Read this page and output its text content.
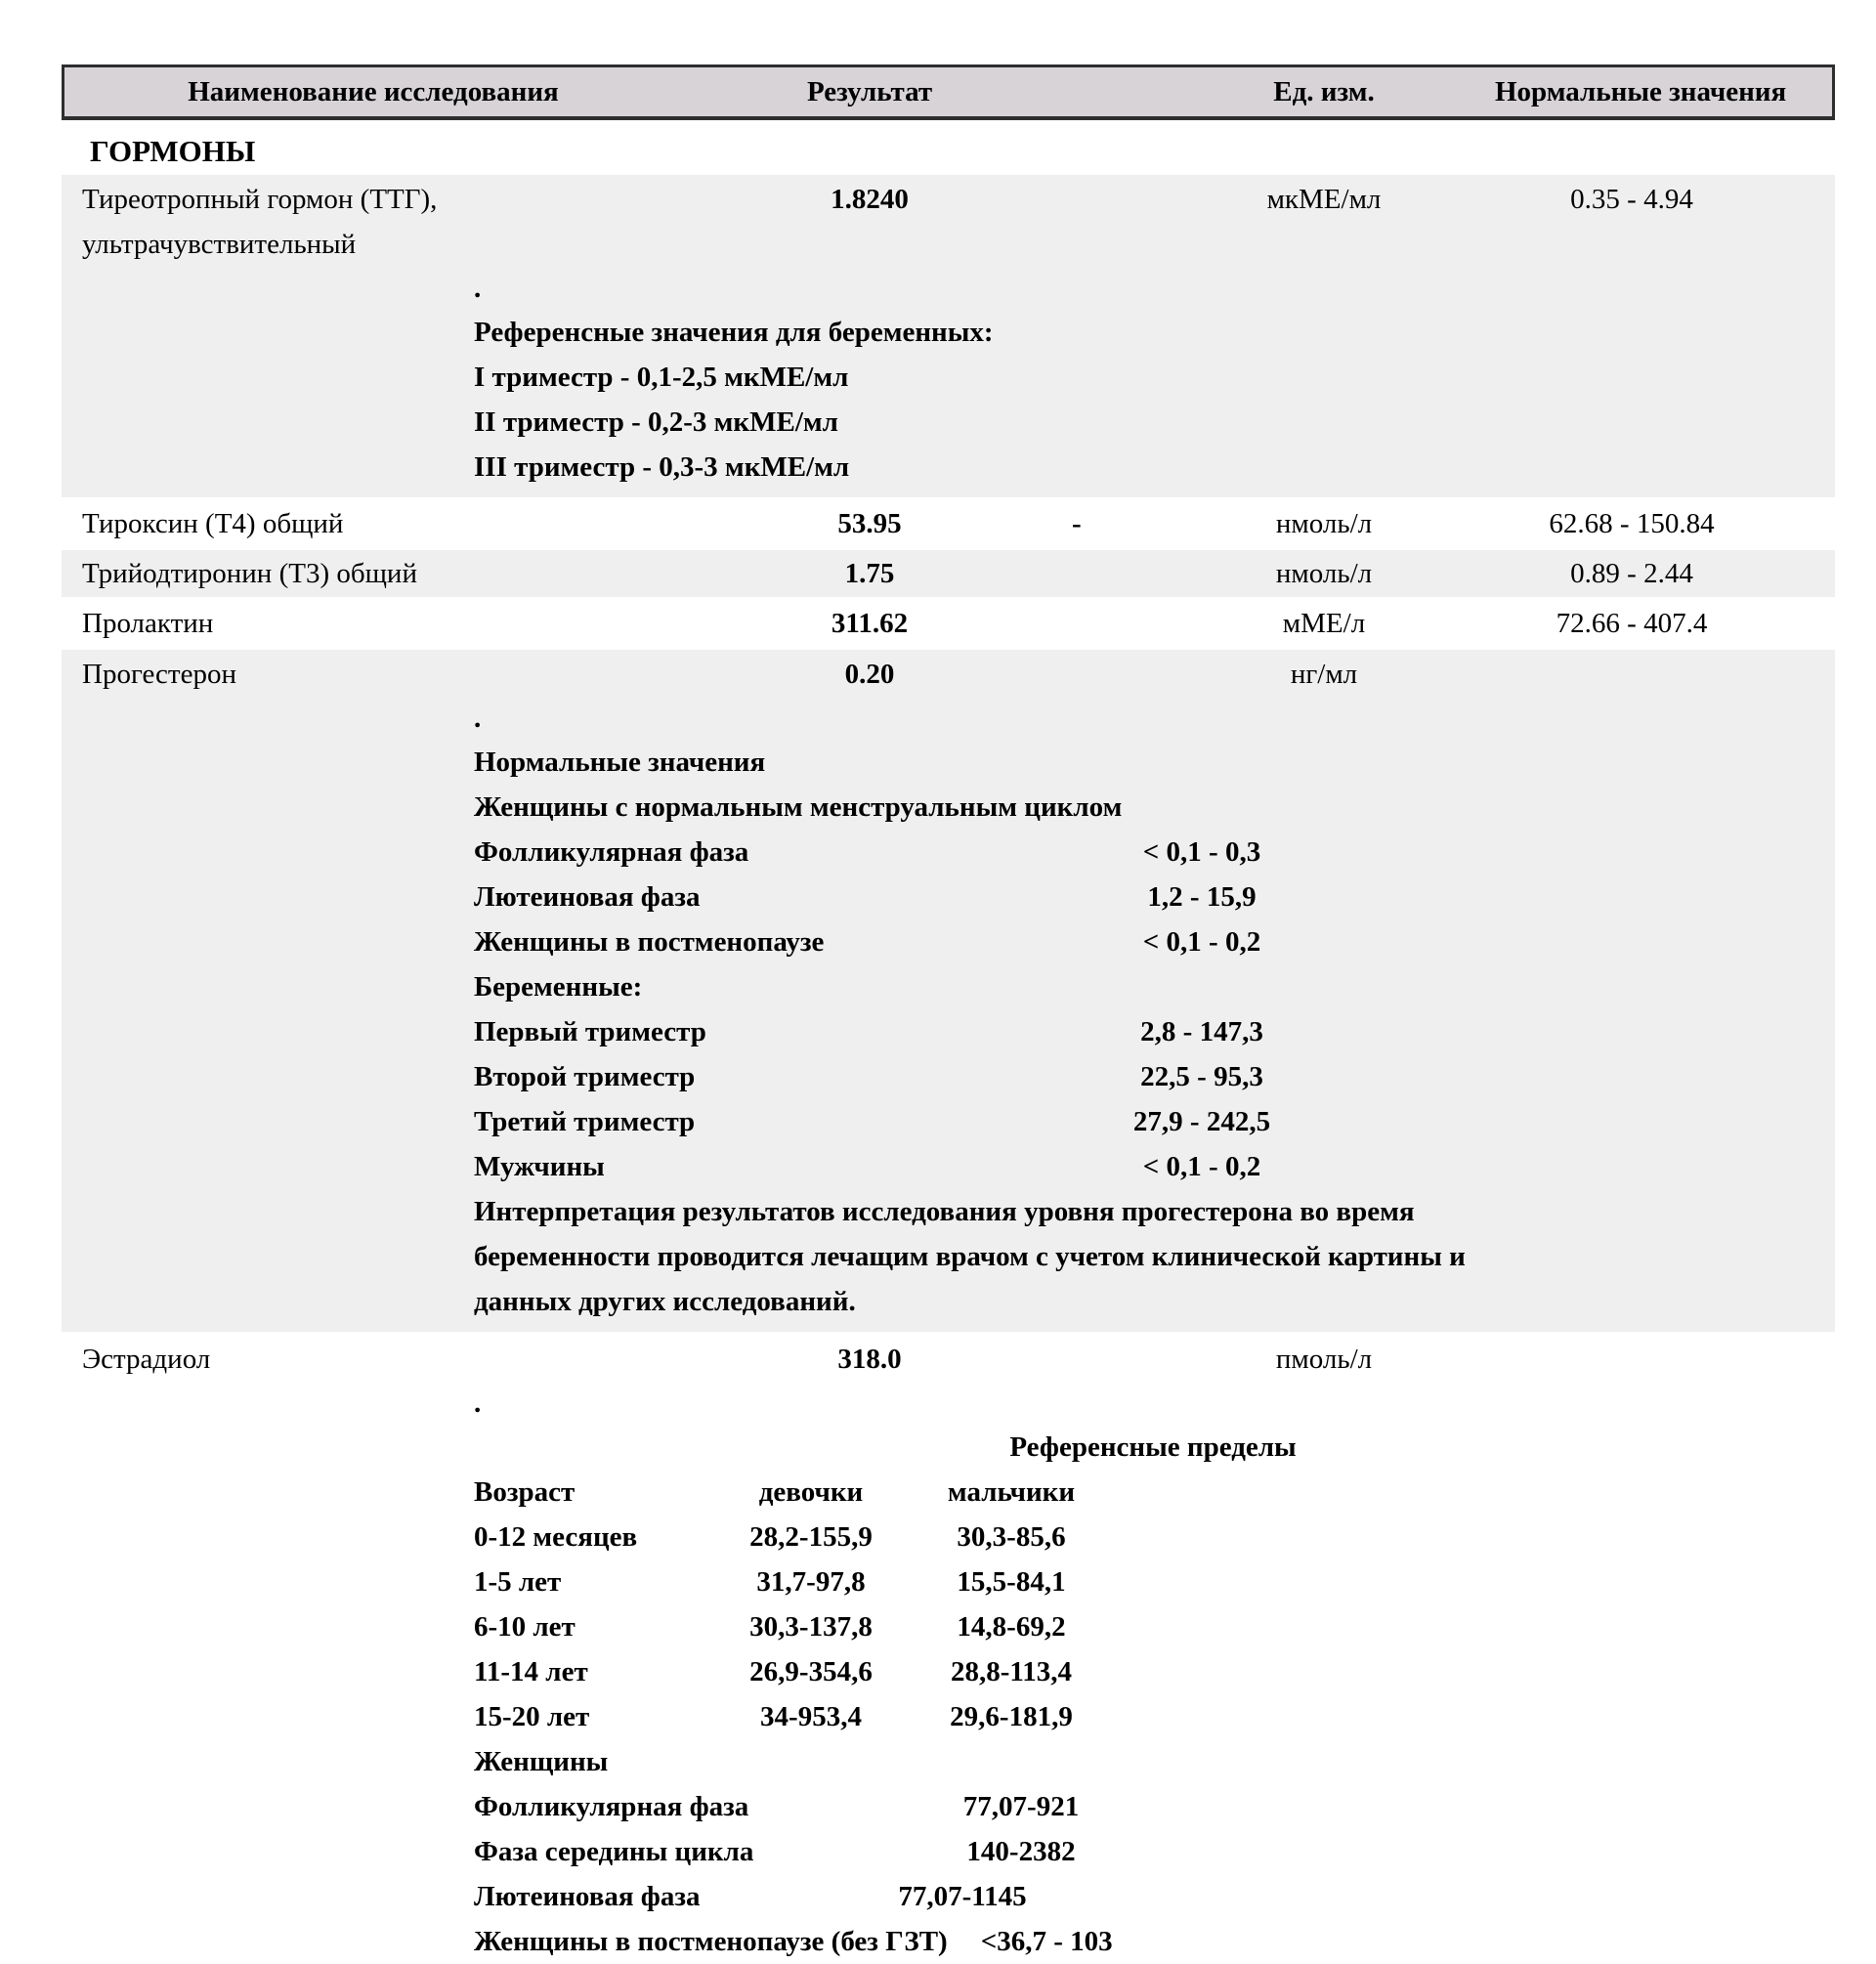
Наименование исследования	Результат	Ед. изм.	Нормальные значения
ГОРМОНЫ
Тиреотропный гормон (ТТГ), ультрачувствительный
1.8240	мкМЕ/мл	0.35 - 4.94
.
Референсные значения для беременных:
I триместр - 0,1-2,5 мкМЕ/мл
II триместр - 0,2-3 мкМЕ/мл
III триместр - 0,3-3 мкМЕ/мл
Тироксин (Т4) общий	53.95	нмоль/л	62.68 - 150.84
-
Трийодтиронин (Т3) общий	1.75	нмоль/л	0.89 - 2.44
Пролактин	311.62	мМЕ/л	72.66 - 407.4
Прогестерон	0.20	нг/мл
.
Нормальные значения
Женщины с нормальным менструальным циклом
Фолликулярная фаза	< 0,1 - 0,3
Лютеиновая фаза	1,2 - 15,9
Женщины в постменопаузе	< 0,1 - 0,2
Беременные:
Первый триместр	2,8 - 147,3
Второй триместр	22,5 - 95,3
Третий триместр	27,9 - 242,5
Мужчины	< 0,1 - 0,2
Интерпретация результатов исследования уровня прогестерона во время
беременности проводится лечащим врачом с учетом клинической картины и
данных других исследований.
Эстрадиол	318.0	пмоль/л
.
Референсные пределы
Возраст	девочки	мальчики
0-12 месяцев	28,2-155,9	30,3-85,6
1-5 лет	31,7-97,8	15,5-84,1
6-10 лет	30,3-137,8	14,8-69,2
11-14 лет	26,9-354,6	28,8-113,4
15-20 лет	34-953,4	29,6-181,9
Женщины
Фолликулярная фаза	77,07-921
Фаза середины цикла	140-2382
Лютеиновая фаза	77,07-1145
Женщины в постменопаузе (без ГЗТ) <36,7 - 103
